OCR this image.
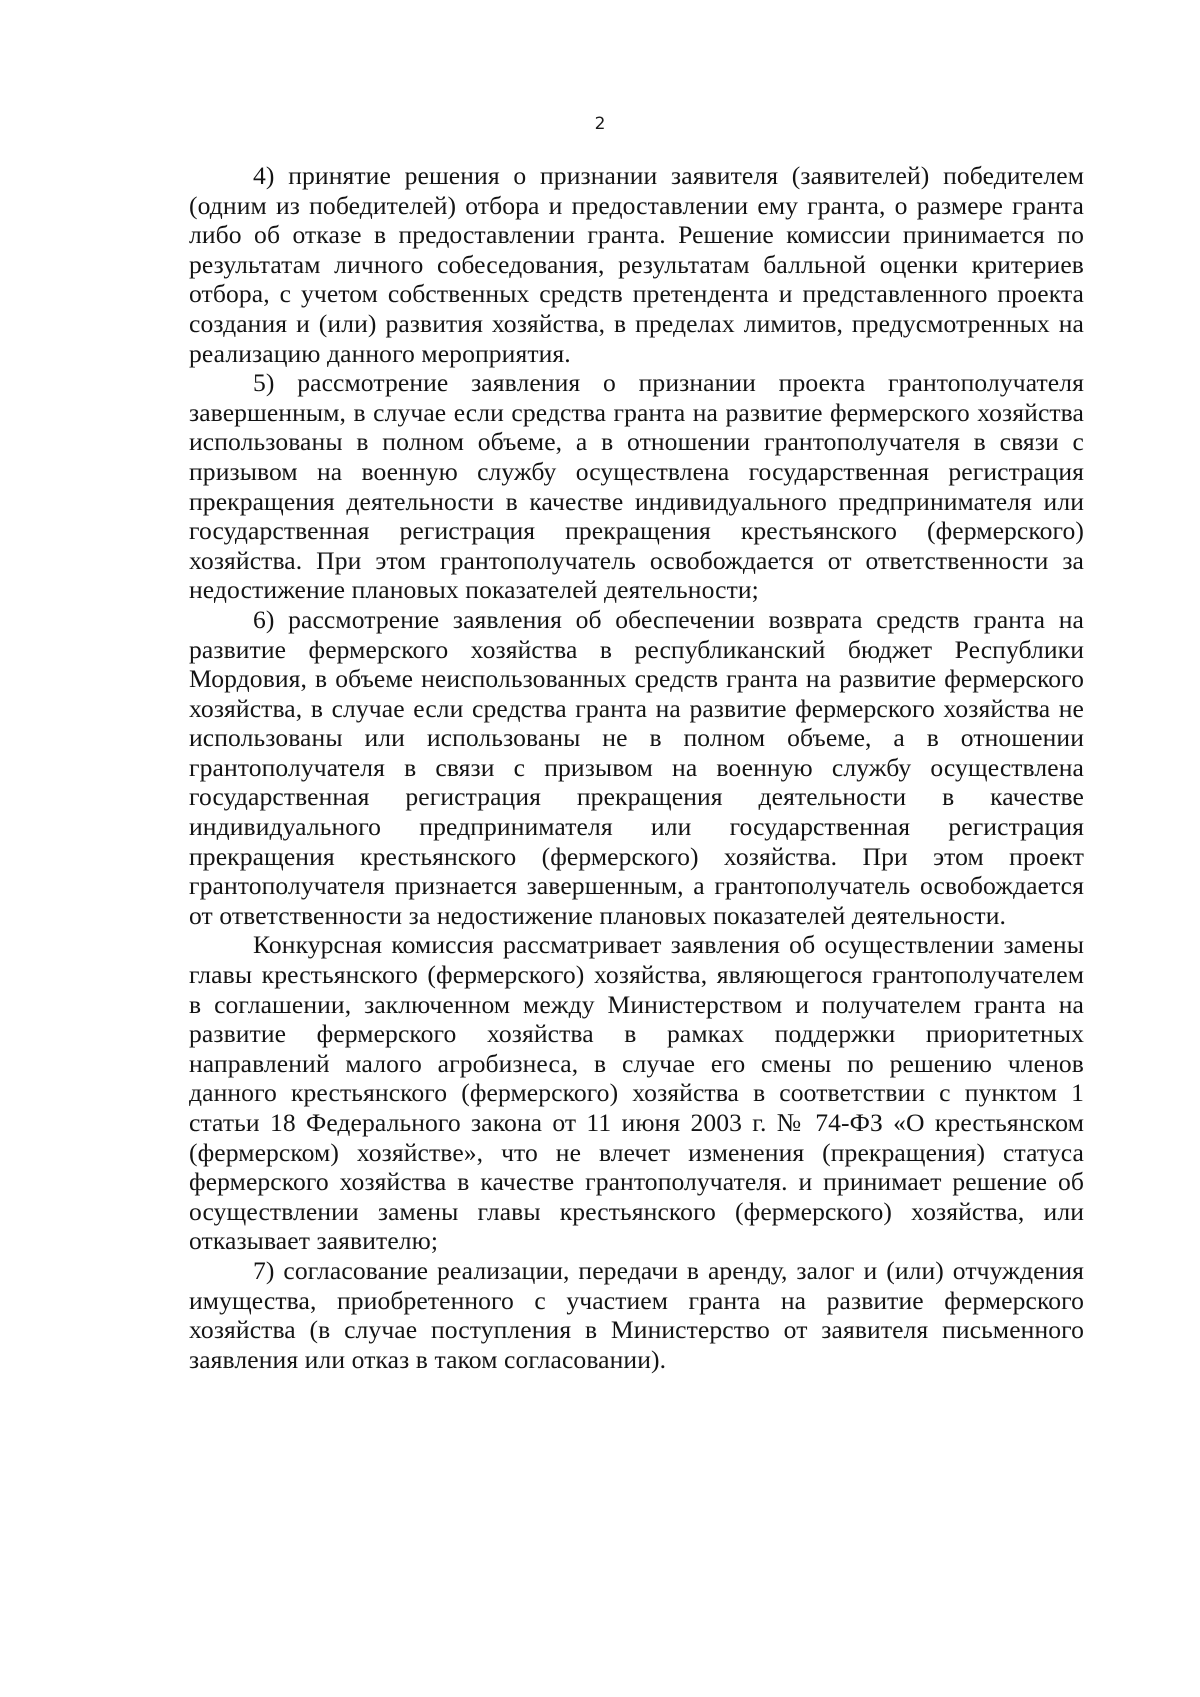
2

4) принятие решения о признании заявителя (заявителей) победителем (одним из победителей) отбора и предоставлении ему гранта, о размере гранта либо об отказе в предоставлении гранта. Решение комиссии принимается по результатам личного собеседования, результатам балльной оценки критериев отбора, с учетом собственных средств претендента и представленного проекта создания и (или) развития хозяйства, в пределах лимитов, предусмотренных на реализацию данного мероприятия.

5) рассмотрение заявления о признании проекта грантополучателя завершенным, в случае если средства гранта на развитие фермерского хозяйства использованы в полном объеме, а в отношении грантополучателя в связи с призывом на военную службу осуществлена государственная регистрация прекращения деятельности в качестве индивидуального предпринимателя или государственная регистрация прекращения крестьянского (фермерского) хозяйства. При этом грантополучатель освобождается от ответственности за недостижение плановых показателей деятельности;

6) рассмотрение заявления об обеспечении возврата средств гранта на развитие фермерского хозяйства в республиканский бюджет Республики Мордовия, в объеме неиспользованных средств гранта на развитие фермерского хозяйства, в случае если средства гранта на развитие фермерского хозяйства не использованы или использованы не в полном объеме, а в отношении грантополучателя в связи с призывом на военную службу осуществлена государственная регистрация прекращения деятельности в качестве индивидуального предпринимателя или государственная регистрация прекращения крестьянского (фермерского) хозяйства. При этом проект грантополучателя признается завершенным, а грантополучатель освобождается от ответственности за недостижение плановых показателей деятельности.

Конкурсная комиссия рассматривает заявления об осуществлении замены главы крестьянского (фермерского) хозяйства, являющегося грантополучателем в соглашении, заключенном между Министерством и получателем гранта на развитие фермерского хозяйства в рамках поддержки приоритетных направлений малого агробизнеса, в случае его смены по решению членов данного крестьянского (фермерского) хозяйства в соответствии с пунктом 1 статьи 18 Федерального закона от 11 июня 2003 г. № 74-ФЗ «О крестьянском (фермерском) хозяйстве», что не влечет изменения (прекращения) статуса фермерского хозяйства в качестве грантополучателя. и принимает решение об осуществлении замены главы крестьянского (фермерского) хозяйства, или отказывает заявителю;

7) согласование реализации, передачи в аренду, залог и (или) отчуждения имущества, приобретенного с участием гранта на развитие фермерского хозяйства (в случае поступления в Министерство от заявителя письменного заявления или отказ в таком согласовании).
